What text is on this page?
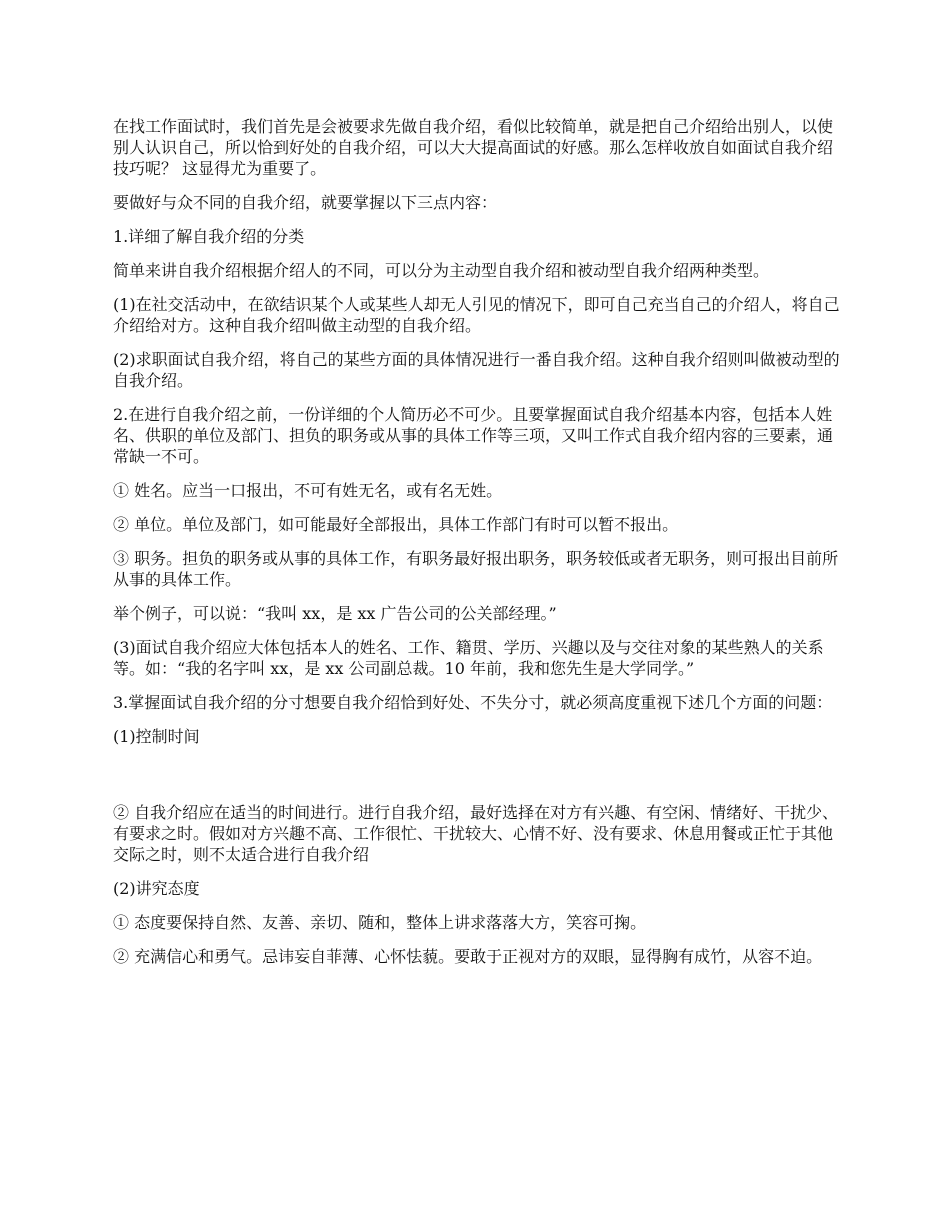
在找工作面试时，我们首先是会被要求先做自我介绍，看似比较简单，就是把自己介绍给出别人，以使别人认识自己，所以恰到好处的自我介绍，可以大大提高面试的好感。那么怎样收放自如面试自我介绍技巧呢？ 这显得尤为重要了。

要做好与众不同的自我介绍，就要掌握以下三点内容：

1.详细了解自我介绍的分类

简单来讲自我介绍根据介绍人的不同，可以分为主动型自我介绍和被动型自我介绍两种类型。

(1)在社交活动中，在欲结识某个人或某些人却无人引见的情况下，即可自己充当自己的介绍人，将自己介绍给对方。这种自我介绍叫做主动型的自我介绍。

(2)求职面试自我介绍，将自己的某些方面的具体情况进行一番自我介绍。这种自我介绍则叫做被动型的自我介绍。

2.在进行自我介绍之前，一份详细的个人简历必不可少。且要掌握面试自我介绍基本内容，包括本人姓名、供职的单位及部门、担负的职务或从事的具体工作等三项，又叫工作式自我介绍内容的三要素，通常缺一不可。

① 姓名。应当一口报出，不可有姓无名，或有名无姓。

② 单位。单位及部门，如可能最好全部报出，具体工作部门有时可以暂不报出。

③ 职务。担负的职务或从事的具体工作，有职务最好报出职务，职务较低或者无职务，则可报出目前所从事的具体工作。

举个例子，可以说：“我叫 xx，是 xx 广告公司的公关部经理。”

(3)面试自我介绍应大体包括本人的姓名、工作、籍贯、学历、兴趣以及与交往对象的某些熟人的关系等。如：“我的名字叫 xx，是 xx 公司副总裁。10 年前，我和您先生是大学同学。”

3.掌握面试自我介绍的分寸想要自我介绍恰到好处、不失分寸，就必须高度重视下述几个方面的问题：

(1)控制时间

② 自我介绍应在适当的时间进行。进行自我介绍，最好选择在对方有兴趣、有空闲、情绪好、干扰少、有要求之时。假如对方兴趣不高、工作很忙、干扰较大、心情不好、没有要求、休息用餐或正忙于其他交际之时，则不太适合进行自我介绍

(2)讲究态度

① 态度要保持自然、友善、亲切、随和，整体上讲求落落大方，笑容可掬。

② 充满信心和勇气。忌讳妄自菲薄、心怀怯藐。要敢于正视对方的双眼，显得胸有成竹，从容不迫。
